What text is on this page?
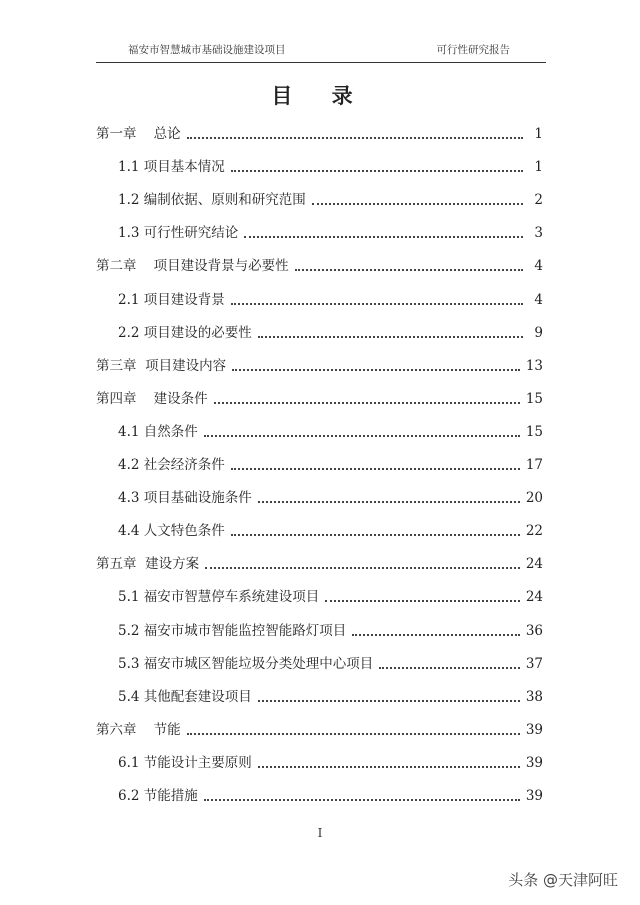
福安市智慧城市基础设施建设项目	可行性研究报告
目 录
第一章    总论	1
1.1 项目基本情况	1
1.2 编制依据、原则和研究范围	2
1.3 可行性研究结论	3
第二章    项目建设背景与必要性	4
2.1 项目建设背景	4
2.2 项目建设的必要性	9
第三章  项目建设内容	13
第四章    建设条件	15
4.1 自然条件	15
4.2 社会经济条件	17
4.3 项目基础设施条件	20
4.4 人文特色条件	22
第五章  建设方案	24
5.1 福安市智慧停车系统建设项目	24
5.2 福安市城市智能监控智能路灯项目	36
5.3 福安市城区智能垃圾分类处理中心项目	37
5.4 其他配套建设项目	38
第六章    节能	39
6.1 节能设计主要原则	39
6.2 节能措施	39
I
头条 @天津阿旺
